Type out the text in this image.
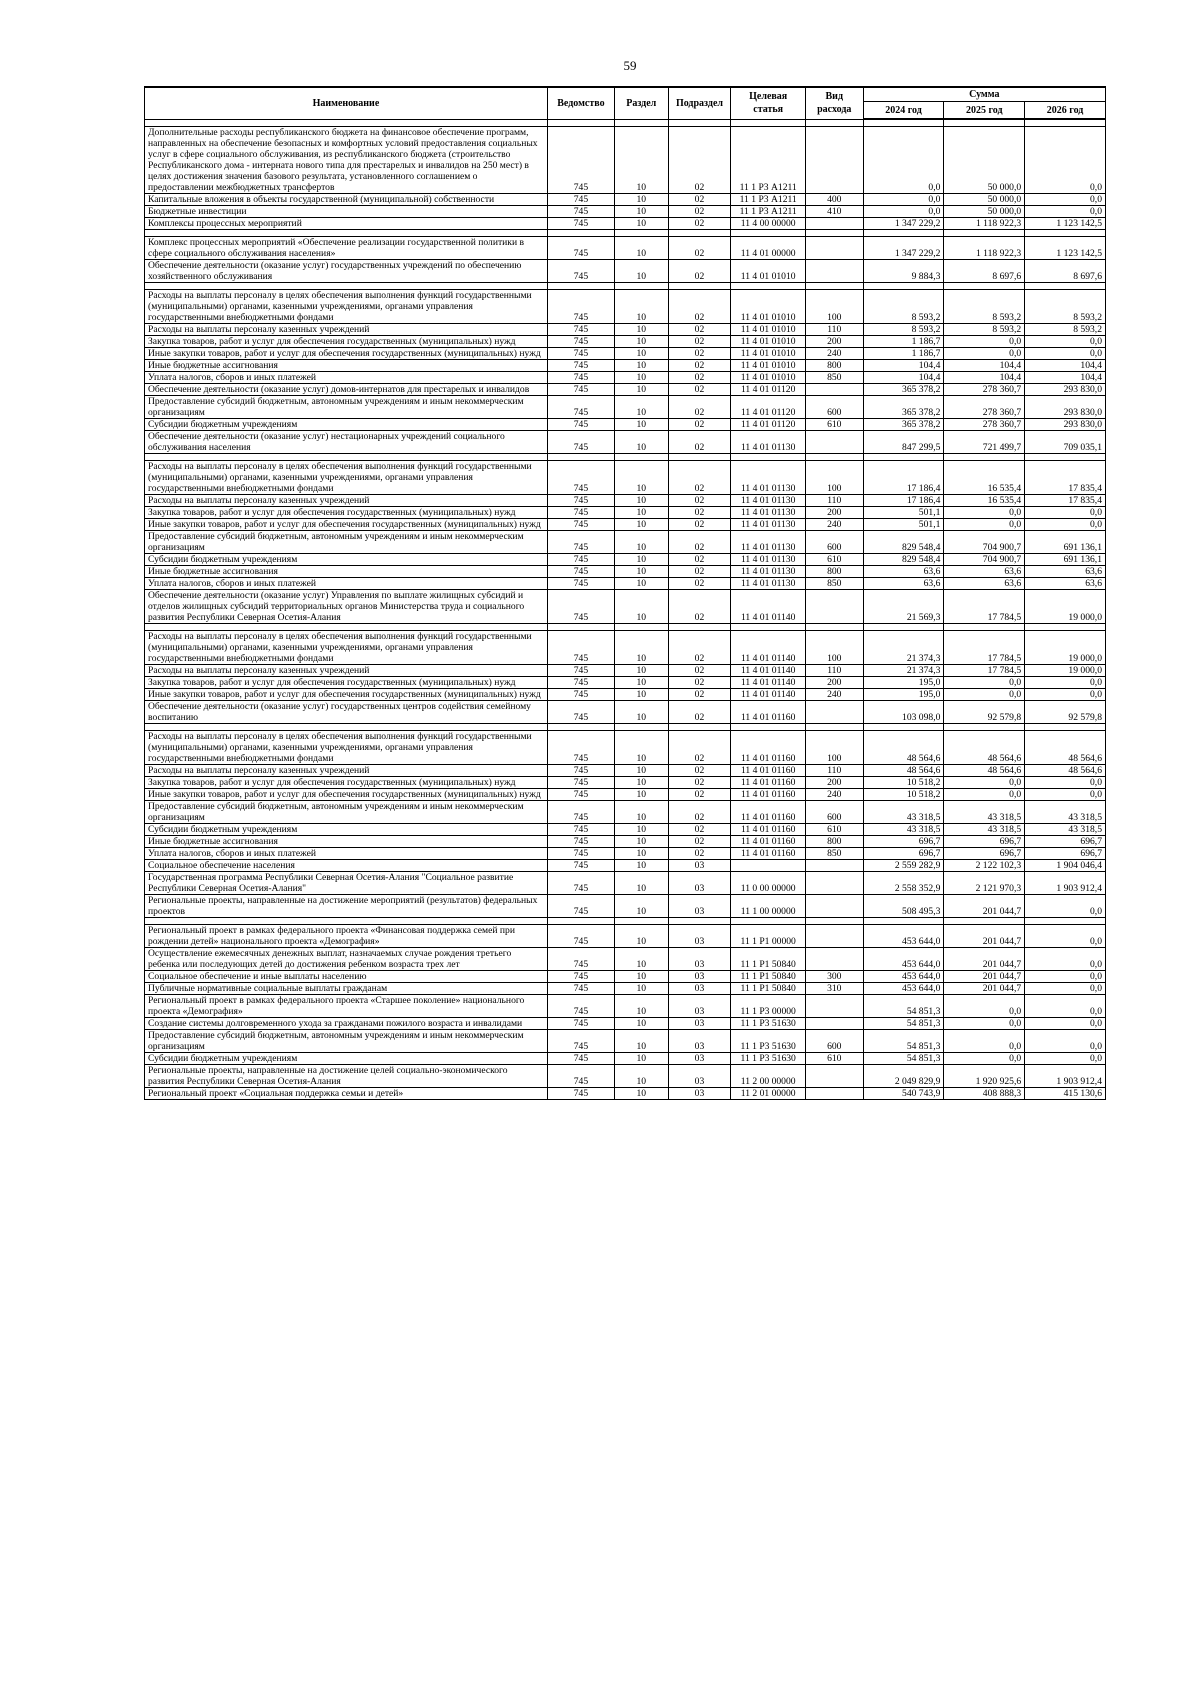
59
Наименование	Ведомство	Раздел	Подраздел	Целевая статья	Вид расхода	Сумма		
						2024 год	2025 год	2026 год

Дополнительные расходы республиканского бюджета на финансовое обеспечение программ, направленных на обеспечение безопасных и комфортных условий предоставления социальных услуг в сфере социального обслуживания, из республиканского бюджета (строительство Республиканского дома - интерната нового типа для престарелых и инвалидов на 250 мест) в целях достижения значения базового результата, установленного соглашением о предоставлении межбюджетных трансфертов	745	10	02	11 1 Р3 А1211		0,0	50 000,0	0,0
Капитальные вложения в объекты государственной (муниципальной) собственности	745	10	02	11 1 Р3 А1211	400	0,0	50 000,0	0,0
Бюджетные инвестиции	745	10	02	11 1 Р3 А1211	410	0,0	50 000,0	0,0
Комплексы процессных мероприятий	745	10	02	11 4 00 00000		1 347 229,2	1 118 922,3	1 123 142,5

Комплекс процессных мероприятий «Обеспечение реализации государственной политики в сфере социального обслуживания населения»	745	10	02	11 4 01 00000		1 347 229,2	1 118 922,3	1 123 142,5
Обеспечение деятельности (оказание услуг) государственных учреждений по обеспечению хозяйственного обслуживания	745	10	02	11 4 01 01010		9 884,3	8 697,6	8 697,6

Расходы на выплаты персоналу в целях обеспечения выполнения функций государственными (муниципальными) органами, казенными учреждениями, органами управления государственными внебюджетными фондами	745	10	02	11 4 01 01010	100	8 593,2	8 593,2	8 593,2
Расходы на выплаты персоналу казенных учреждений	745	10	02	11 4 01 01010	110	8 593,2	8 593,2	8 593,2
Закупка товаров, работ и услуг для обеспечения государственных (муниципальных) нужд	745	10	02	11 4 01 01010	200	1 186,7	0,0	0,0
Иные закупки товаров, работ и услуг для обеспечения государственных (муниципальных) нужд	745	10	02	11 4 01 01010	240	1 186,7	0,0	0,0
Иные бюджетные ассигнования	745	10	02	11 4 01 01010	800	104,4	104,4	104,4
Уплата налогов, сборов и иных платежей	745	10	02	11 4 01 01010	850	104,4	104,4	104,4
Обеспечение деятельности (оказание услуг) домов-интернатов для престарелых и инвалидов	745	10	02	11 4 01 01120		365 378,2	278 360,7	293 830,0
Предоставление субсидий бюджетным, автономным учреждениям и иным некоммерческим организациям	745	10	02	11 4 01 01120	600	365 378,2	278 360,7	293 830,0
Субсидии бюджетным учреждениям	745	10	02	11 4 01 01120	610	365 378,2	278 360,7	293 830,0
Обеспечение деятельности (оказание услуг) нестационарных учреждений социального обслуживания населения	745	10	02	11 4 01 01130		847 299,5	721 499,7	709 035,1

Расходы на выплаты персоналу в целях обеспечения выполнения функций государственными (муниципальными) органами, казенными учреждениями, органами управления государственными внебюджетными фондами	745	10	02	11 4 01 01130	100	17 186,4	16 535,4	17 835,4
Расходы на выплаты персоналу казенных учреждений	745	10	02	11 4 01 01130	110	17 186,4	16 535,4	17 835,4
Закупка товаров, работ и услуг для обеспечения государственных (муниципальных) нужд	745	10	02	11 4 01 01130	200	501,1	0,0	0,0
Иные закупки товаров, работ и услуг для обеспечения государственных (муниципальных) нужд	745	10	02	11 4 01 01130	240	501,1	0,0	0,0
Предоставление субсидий бюджетным, автономным учреждениям и иным некоммерческим организациям	745	10	02	11 4 01 01130	600	829 548,4	704 900,7	691 136,1
Субсидии бюджетным учреждениям	745	10	02	11 4 01 01130	610	829 548,4	704 900,7	691 136,1
Иные бюджетные ассигнования	745	10	02	11 4 01 01130	800	63,6	63,6	63,6
Уплата налогов, сборов и иных платежей	745	10	02	11 4 01 01130	850	63,6	63,6	63,6
Обеспечение деятельности (оказание услуг) Управления по выплате жилищных субсидий и отделов жилищных субсидий территориальных органов Министерства труда и социального развития Республики Северная Осетия-Алания	745	10	02	11 4 01 01140		21 569,3	17 784,5	19 000,0

Расходы на выплаты персоналу в целях обеспечения выполнения функций государственными (муниципальными) органами, казенными учреждениями, органами управления государственными внебюджетными фондами	745	10	02	11 4 01 01140	100	21 374,3	17 784,5	19 000,0
Расходы на выплаты персоналу казенных учреждений	745	10	02	11 4 01 01140	110	21 374,3	17 784,5	19 000,0
Закупка товаров, работ и услуг для обеспечения государственных (муниципальных) нужд	745	10	02	11 4 01 01140	200	195,0	0,0	0,0
Иные закупки товаров, работ и услуг для обеспечения государственных (муниципальных) нужд	745	10	02	11 4 01 01140	240	195,0	0,0	0,0
Обеспечение деятельности (оказание услуг) государственных центров содействия семейному воспитанию	745	10	02	11 4 01 01160		103 098,0	92 579,8	92 579,8

Расходы на выплаты персоналу в целях обеспечения выполнения функций государственными (муниципальными) органами, казенными учреждениями, органами управления государственными внебюджетными фондами	745	10	02	11 4 01 01160	100	48 564,6	48 564,6	48 564,6
Расходы на выплаты персоналу казенных учреждений	745	10	02	11 4 01 01160	110	48 564,6	48 564,6	48 564,6
Закупка товаров, работ и услуг для обеспечения государственных (муниципальных) нужд	745	10	02	11 4 01 01160	200	10 518,2	0,0	0,0
Иные закупки товаров, работ и услуг для обеспечения государственных (муниципальных) нужд	745	10	02	11 4 01 01160	240	10 518,2	0,0	0,0
Предоставление субсидий бюджетным, автономным учреждениям и иным некоммерческим организациям	745	10	02	11 4 01 01160	600	43 318,5	43 318,5	43 318,5
Субсидии бюджетным учреждениям	745	10	02	11 4 01 01160	610	43 318,5	43 318,5	43 318,5
Иные бюджетные ассигнования	745	10	02	11 4 01 01160	800	696,7	696,7	696,7
Уплата налогов, сборов и иных платежей	745	10	02	11 4 01 01160	850	696,7	696,7	696,7
Социальное обеспечение населения	745	10	03			2 559 282,9	2 122 102,3	1 904 046,4
Государственная программа Республики Северная Осетия-Алания "Социальное развитие Республики Северная Осетия-Алания"	745	10	03	11 0 00 00000		2 558 352,9	2 121 970,3	1 903 912,4
Региональные проекты, направленные на достижение мероприятий (результатов) федеральных проектов	745	10	03	11 1 00 00000		508 495,3	201 044,7	0,0

Региональный проект в рамках федерального проекта «Финансовая поддержка семей при рождении детей» национального проекта «Демография»	745	10	03	11 1 P1 00000		453 644,0	201 044,7	0,0
Осуществление ежемесячных денежных выплат, назначаемых случае рождения третьего ребенка или последующих детей до достижения ребенком возраста трех лет	745	10	03	11 1 P1 50840		453 644,0	201 044,7	0,0
Социальное обеспечение и иные выплаты населению	745	10	03	11 1 P1 50840	300	453 644,0	201 044,7	0,0
Публичные нормативные социальные выплаты гражданам	745	10	03	11 1 P1 50840	310	453 644,0	201 044,7	0,0
Региональный проект в рамках федерального проекта «Старшее поколение» национального проекта «Демография»	745	10	03	11 1 P3 00000		54 851,3	0,0	0,0
Создание системы долговременного ухода за гражданами пожилого возраста и инвалидами	745	10	03	11 1 P3 51630		54 851,3	0,0	0,0
Предоставление субсидий бюджетным, автономным учреждениям и иным некоммерческим организациям	745	10	03	11 1 P3 51630	600	54 851,3	0,0	0,0
Субсидии бюджетным учреждениям	745	10	03	11 1 P3 51630	610	54 851,3	0,0	0,0
Региональные проекты, направленные на достижение целей социально-экономического развития Республики Северная Осетия-Алания	745	10	03	11 2 00 00000		2 049 829,9	1 920 925,6	1 903 912,4
Региональный проект «Социальная поддержка семьи и детей»	745	10	03	11 2 01 00000		540 743,9	408 888,3	415 130,6
